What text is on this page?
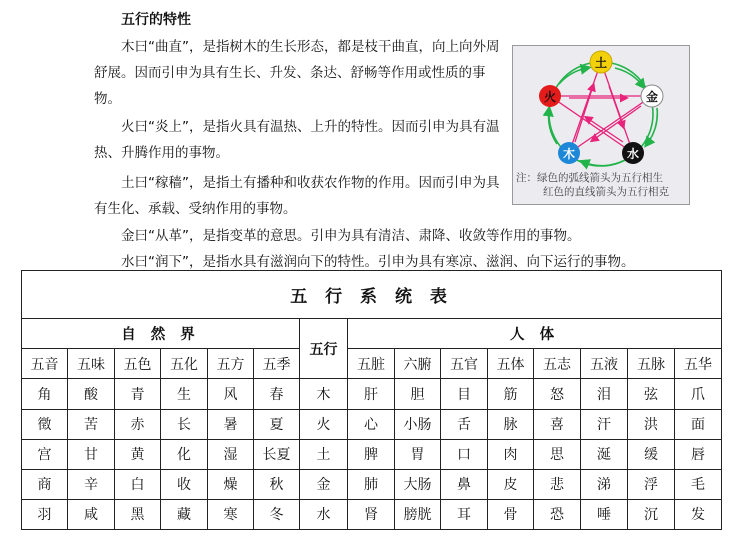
五行的特性
木曰“曲直”，是指树木的生长形态，都是枝干曲直，向上向外周舒展。因而引申为具有生长、升发、条达、舒畅等作用或性质的事物。
火曰“炎上”，是指火具有温热、上升的特性。因而引申为具有温热、升腾作用的事物。
土曰“稼穑”，是指土有播种和收获农作物的作用。因而引申为具有生化、承载、受纳作用的事物。
金曰“从革”，是指变革的意思。引申为具有清洁、肃降、收敛等作用的事物。
水曰“润下”，是指水具有滋润向下的特性。引申为具有寒凉、滋润、向下运行的事物。
土
金
水
木
火
注：绿色的弧线箭头为五行相生
红色的直线箭头为五行相克
五 行 系 统 表														
自 然 界						五行	人 体							
五音	五味	五色	五化	五方	五季		五脏	六腑	五官	五体	五志	五液	五脉	五华
角	酸	青	生	风	春	木	肝	胆	目	筋	怒	泪	弦	爪
徵	苦	赤	长	暑	夏	火	心	小肠	舌	脉	喜	汗	洪	面
宫	甘	黄	化	湿	长夏	土	脾	胃	口	肉	思	涎	缓	唇
商	辛	白	收	燥	秋	金	肺	大肠	鼻	皮	悲	涕	浮	毛
羽	咸	黑	藏	寒	冬	水	肾	膀胱	耳	骨	恐	唾	沉	发
